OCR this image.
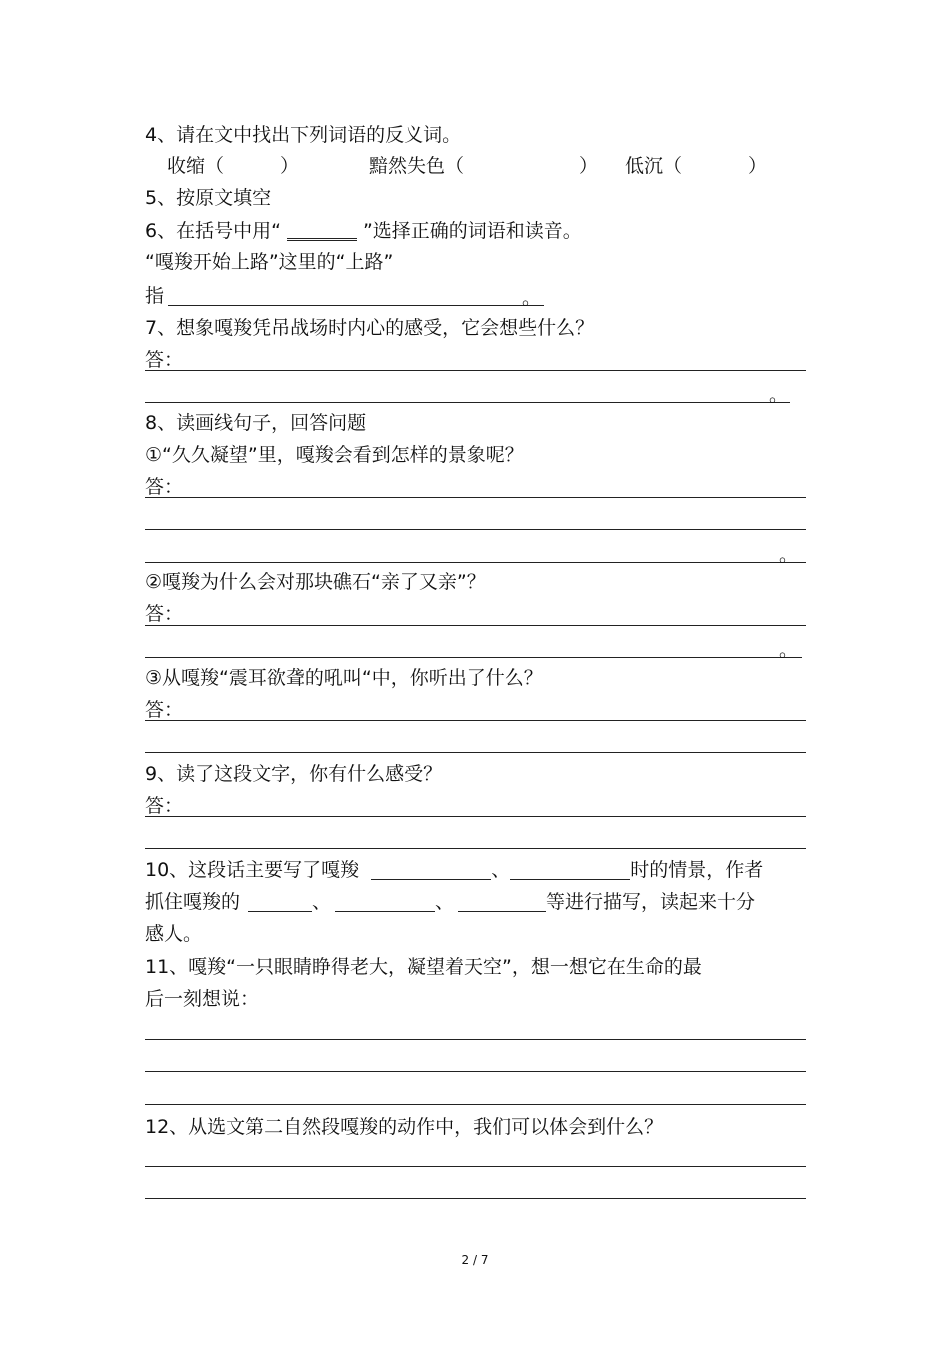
4、请在文中找出下列词语的反义词。
收缩（	）	黯然失色（	） 低沉（	）
5、按原文填空
6、在括号中用“	”选择正确的词语和读音。
“嘎羧开始上路”这里的“上路”
指	。
7、想象嘎羧凭吊战场时内心的感受，它会想些什么？
答：
。
8、读画线句子，回答问题
①“久久凝望”里，嘎羧会看到怎样的景象呢？
答：
。
②嘎羧为什么会对那块礁石“亲了又亲”？
答：
。
③从嘎羧“震耳欲聋的吼叫“中，你听出了什么？
答：
9、读了这段文字，你有什么感受？
答：
10、这段话主要写了嘎羧	、	时的情景，作者
抓住嘎羧的	、	、	等进行描写，读起来十分
感人。
11、嘎羧“一只眼睛睁得老大，凝望着天空”，想一想它在生命的最
后一刻想说：
12、从选文第二自然段嘎羧的动作中，我们可以体会到什么？
2 / 7
